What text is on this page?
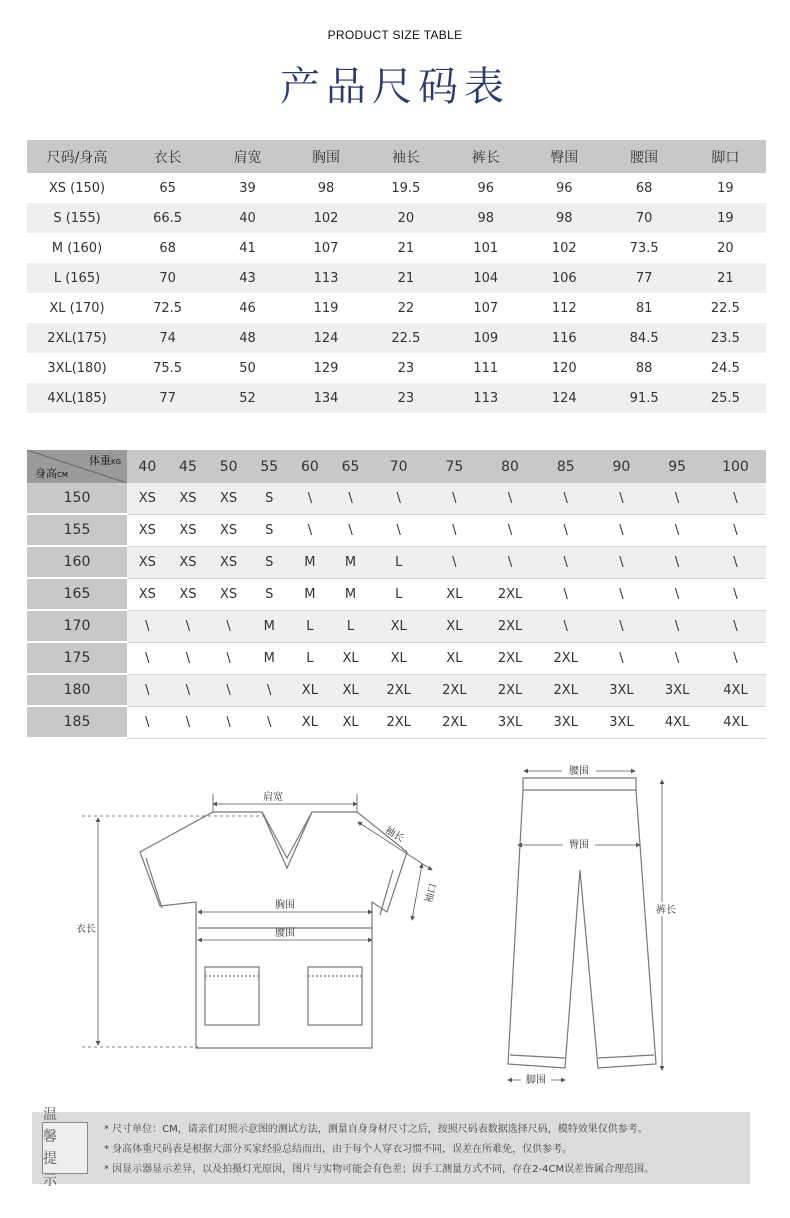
PRODUCT SIZE TABLE
产品尺码表
尺码/身高	衣长	肩宽	胸围	袖长	裤长	臀围	腰围	脚口
XS (150)	65	39	98	19.5	96	96	68	19
S (155)	66.5	40	102	20	98	98	70	19
M (160)	68	41	107	21	101	102	73.5	20
L (165)	70	43	113	21	104	106	77	21
XL (170)	72.5	46	119	22	107	112	81	22.5
2XL(175)	74	48	124	22.5	109	116	84.5	23.5
3XL(180)	75.5	50	129	23	111	120	88	24.5
4XL(185)	77	52	134	23	113	124	91.5	25.5
体重KG
身高CM	40	45	50	55	60	65	70	75	80	85	90	95	100
150	XS	XS	XS	S	\	\	\	\	\	\	\	\	\
155	XS	XS	XS	S	\	\	\	\	\	\	\	\	\
160	XS	XS	XS	S	M	M	L	\	\	\	\	\	\
165	XS	XS	XS	S	M	M	L	XL	2XL	\	\	\	\
170	\	\	\	M	L	L	XL	XL	2XL	\	\	\	\
175	\	\	\	M	L	XL	XL	XL	2XL	2XL	\	\	\
180	\	\	\	\	XL	XL	2XL	2XL	2XL	2XL	3XL	3XL	4XL
185	\	\	\	\	XL	XL	2XL	2XL	3XL	3XL	3XL	4XL	4XL
肩宽
袖长
袖口
胸围
腰围
衣长
腰围
臀围
裤长
脚围
温 馨
提 示
* 尺寸单位：CM，请亲们对照示意图的测试方法，测量自身身材尺寸之后，按照尺码表数据选择尺码，模特效果仅供参考。
* 身高体重尺码表是根据大部分买家经验总结而出，由于每个人穿衣习惯不同，误差在所难免，仅供参考。
* 因显示器显示差异，以及拍摄灯光原因，图片与实物可能会有色差；因手工测量方式不同，存在2-4CM误差皆属合理范围。
